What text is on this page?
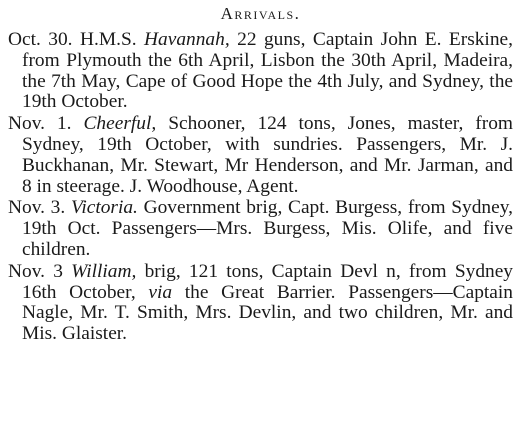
Arrivals.

Oct. 30. H.M.S. Havannah, 22 guns, Captain John E. Erskine, from Plymouth the 6th April, Lisbon the 30th April, Madeira, the 7th May, Cape of Good Hope the 4th July, and Sydney, the 19th October.

Nov. 1. Cheerful, Schooner, 124 tons, Jones, master, from Sydney, 19th October, with sundries. Passengers, Mr. J. Buckhanan, Mr. Stewart, Mr Henderson, and Mr. Jarman, and 8 in steerage. J. Woodhouse, Agent.

Nov. 3. Victoria. Government brig, Capt. Burgess, from Sydney, 19th Oct. Passengers—Mrs. Burgess, Mis. Olife, and five children.

Nov. 3 William, brig, 121 tons, Captain Devl n, from Sydney 16th October, via the Great Barrier. Passengers—Captain Nagle, Mr. T. Smith, Mrs. Devlin, and two children, Mr. and Mis. Glaister.
